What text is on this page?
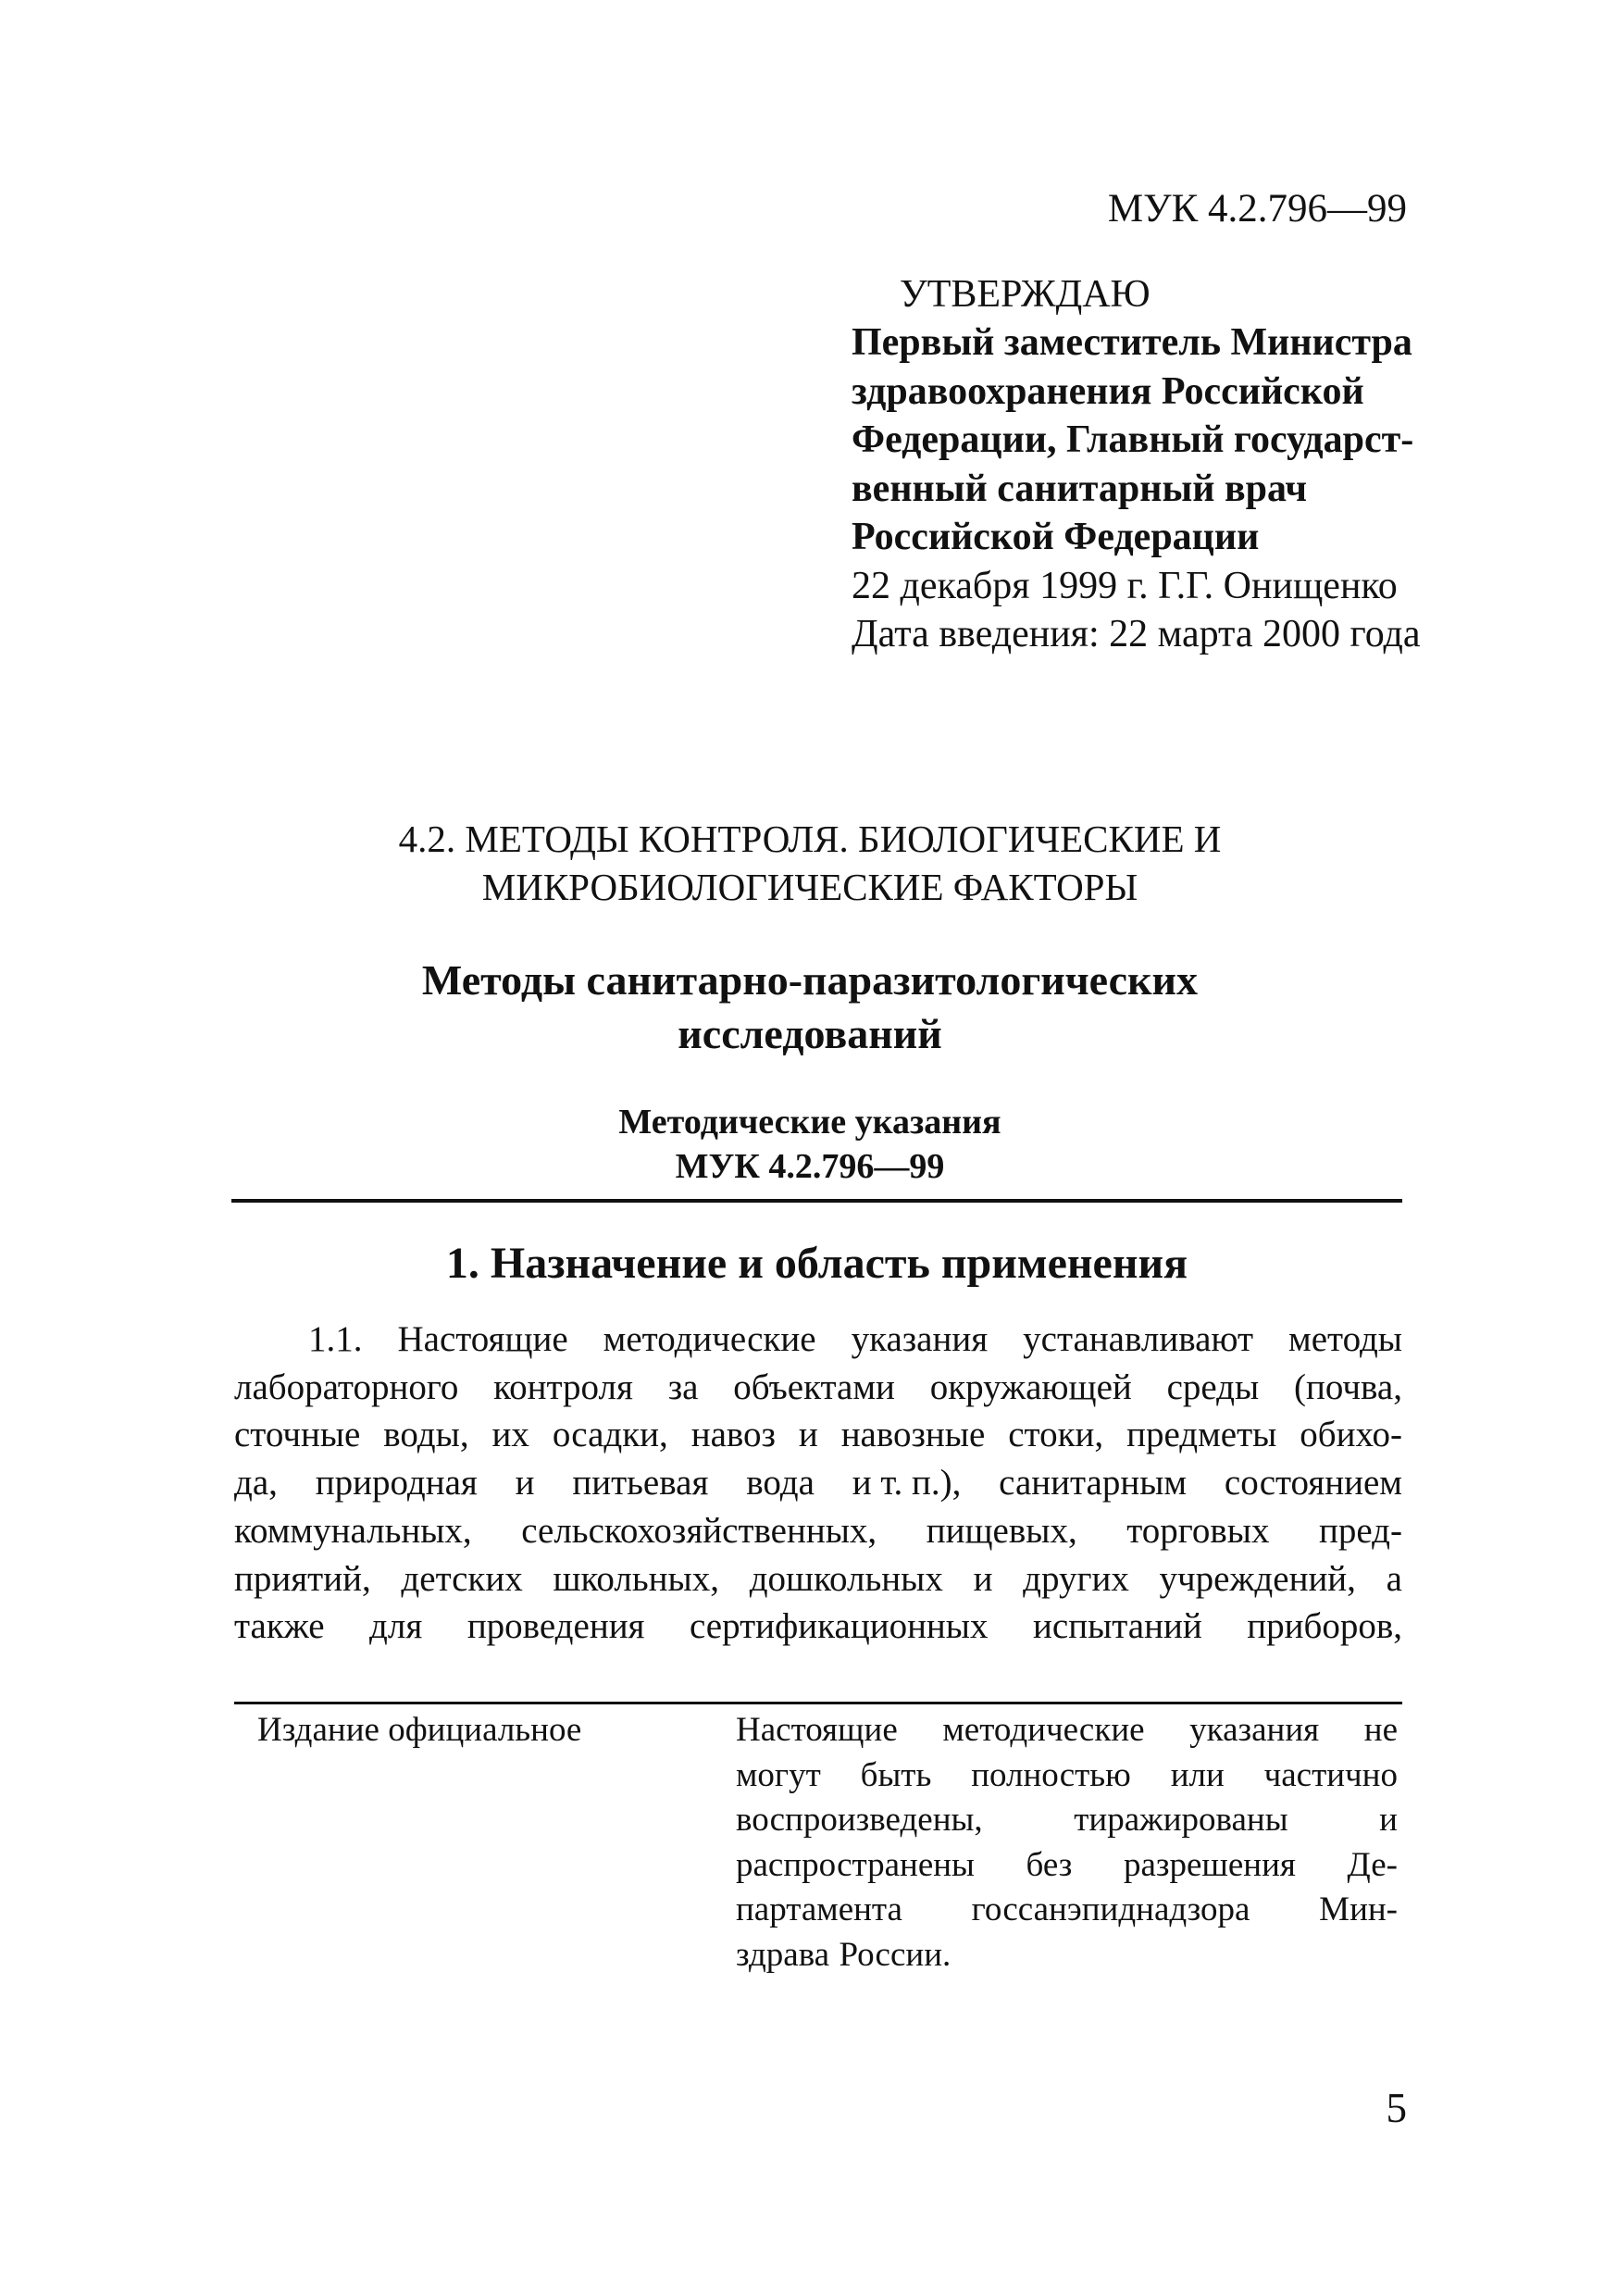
МУК 4.2.796—99
УТВЕРЖДАЮ
Первый заместитель Министра
здравоохранения Российской
Федерации, Главный государст-
венный санитарный врач
Российской Федерации
22 декабря 1999 г. Г.Г. Онищенко
Дата введения: 22 марта 2000 года
4.2. МЕТОДЫ КОНТРОЛЯ. БИОЛОГИЧЕСКИЕ И
МИКРОБИОЛОГИЧЕСКИЕ ФАКТОРЫ
Методы санитарно-паразитологических
исследований
Методические указания
МУК 4.2.796—99
1. Назначение и область применения
1.1. Настоящие методические указания устанавливают методы
лабораторного контроля за объектами окружающей среды (почва,
сточные воды, их осадки, навоз и навозные стоки, предметы обихо-
да, природная и питьевая вода и т. п.), санитарным состоянием
коммунальных, сельскохозяйственных, пищевых, торговых пред-
приятий, детских школьных, дошкольных и других учреждений, а
также для проведения сертификационных испытаний приборов,
Издание официальное	Настоящие методические указания не
могут быть полностью или частично
воспроизведены,	тиражированы	и
распространены без разрешения Де-
партамента госсанэпиднадзора Мин-
здрава России.
5
